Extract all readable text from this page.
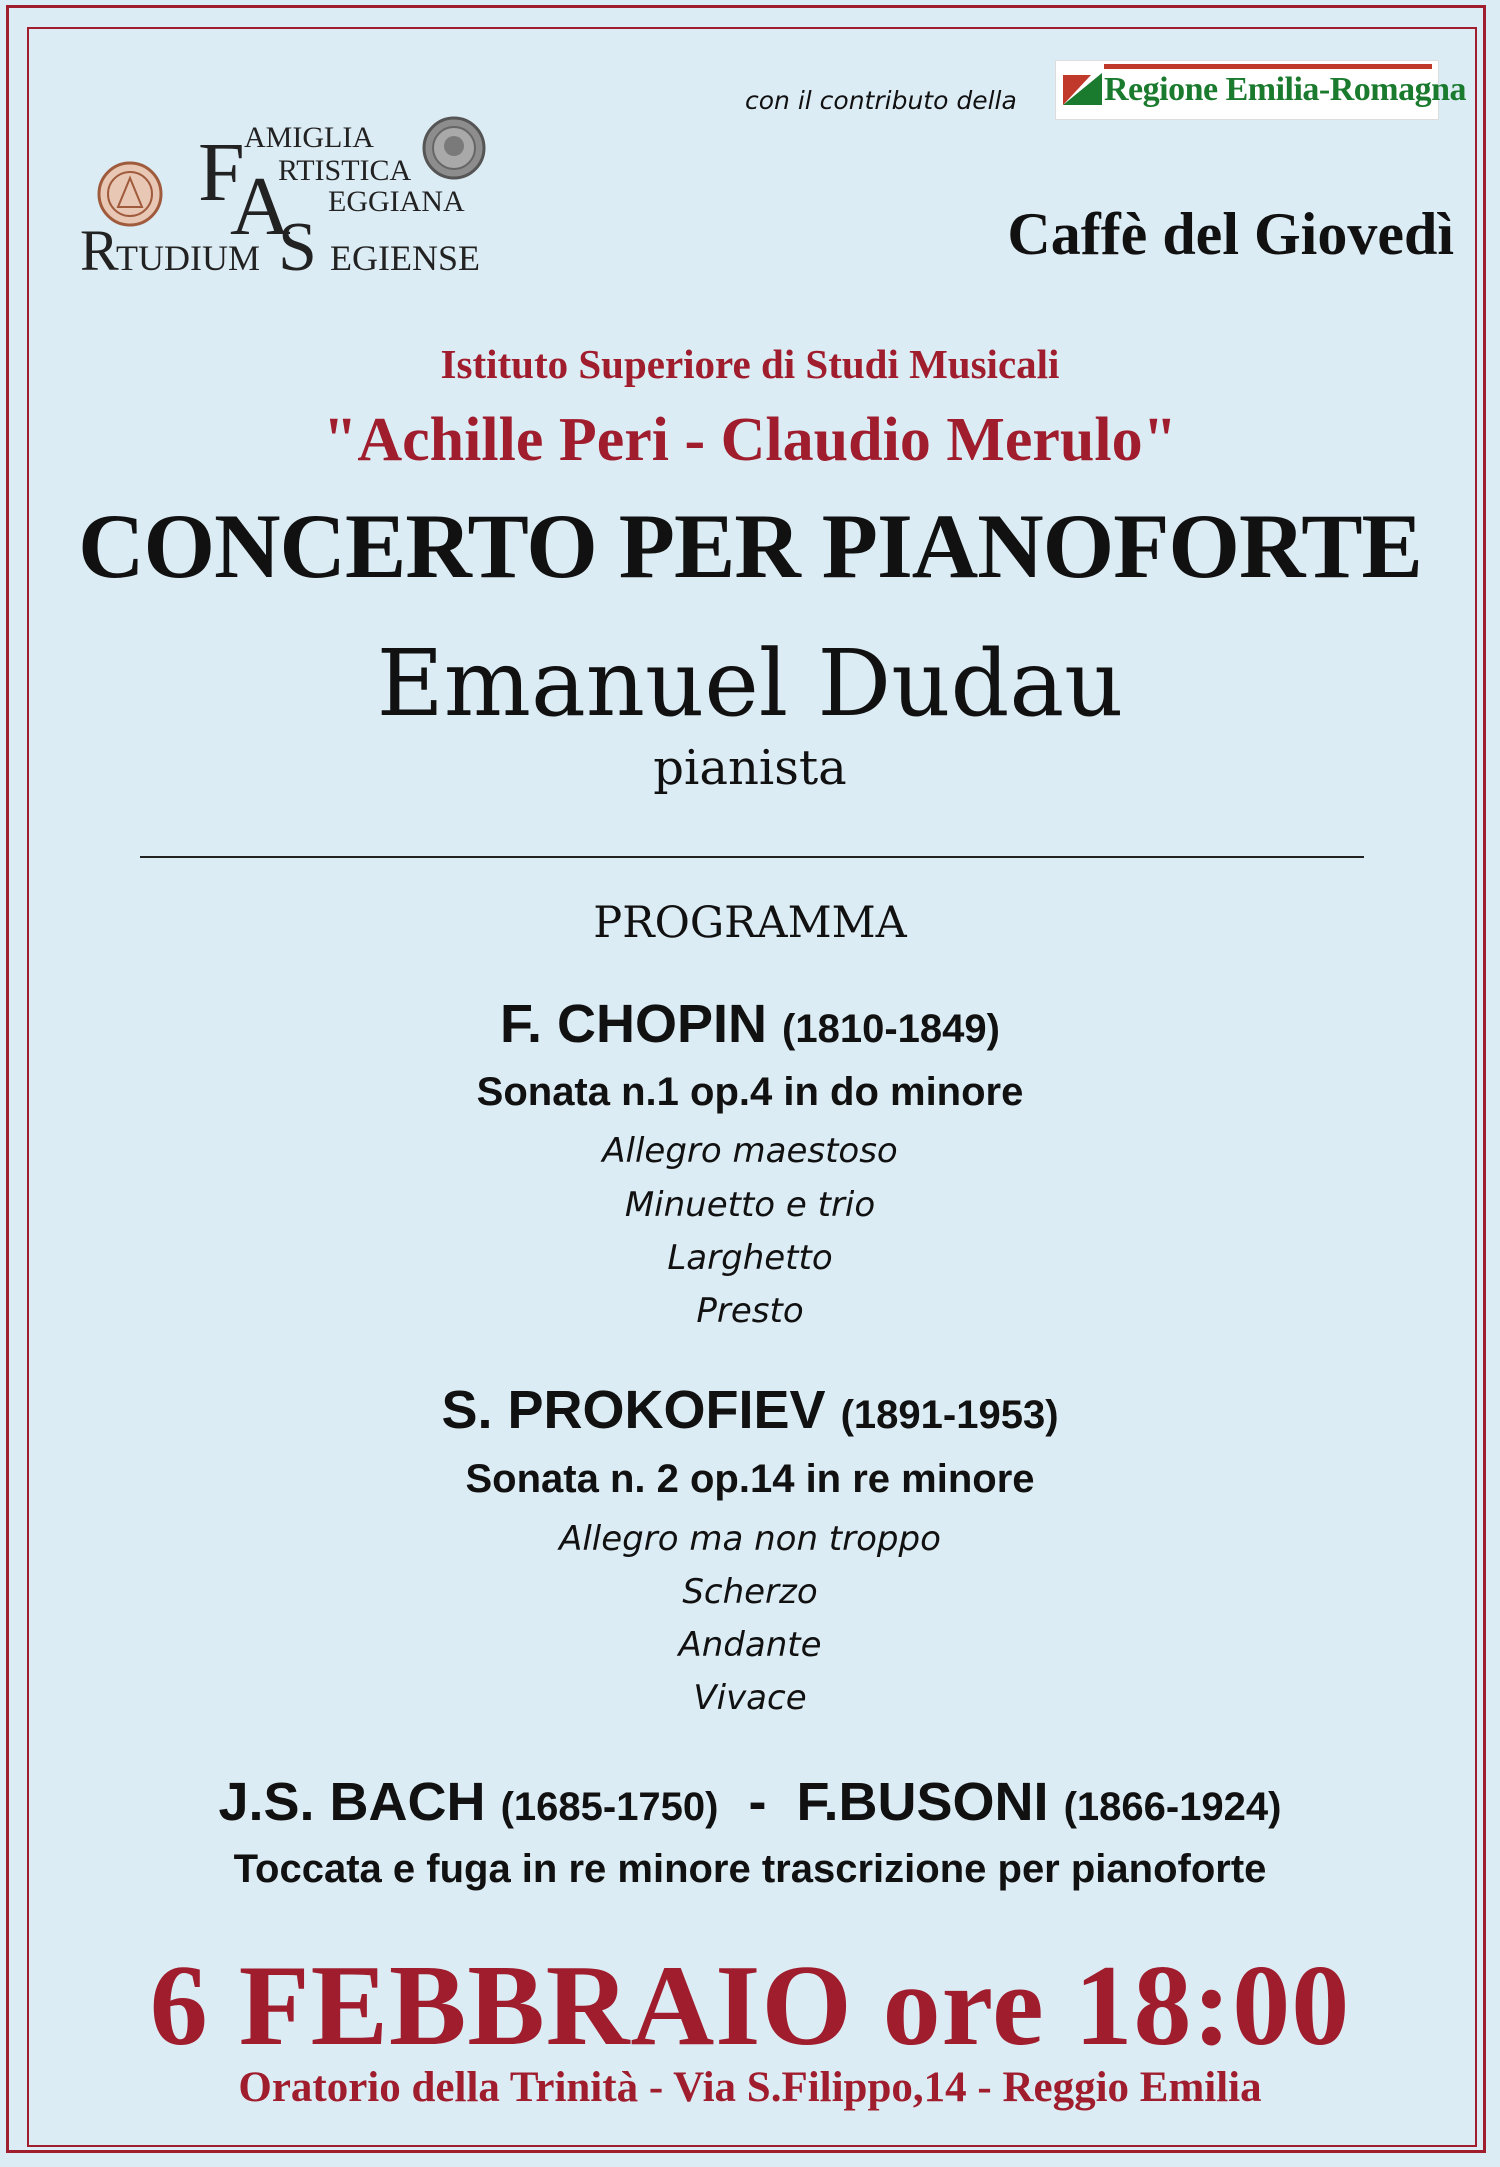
con il contributo della	Regione Emilia-Romagna
F AMIGLIA
A
RTISTICA
EGGIANA
R
TUDIUM S EGIENSE	Caffè del Giovedì
Istituto Superiore di Studi Musicali
"Achille Peri - Claudio Merulo"
CONCERTO PER PIANOFORTE
Emanuel Dudau
pianista
PROGRAMMA
F. CHOPIN (1810-1849)
Sonata n.1 op.4 in do minore
Allegro maestoso
Minuetto e trio
Larghetto
Presto
S. PROKOFIEV (1891-1953)
Sonata n. 2 op.14 in re minore
Allegro ma non troppo
Scherzo
Andante
Vivace
J.S. BACH (1685-1750) - F.BUSONI (1866-1924)
Toccata e fuga in re minore trascrizione per pianoforte
6 FEBBRAIO ore 18:00
Oratorio della Trinità - Via S.Filippo,14 - Reggio Emilia
